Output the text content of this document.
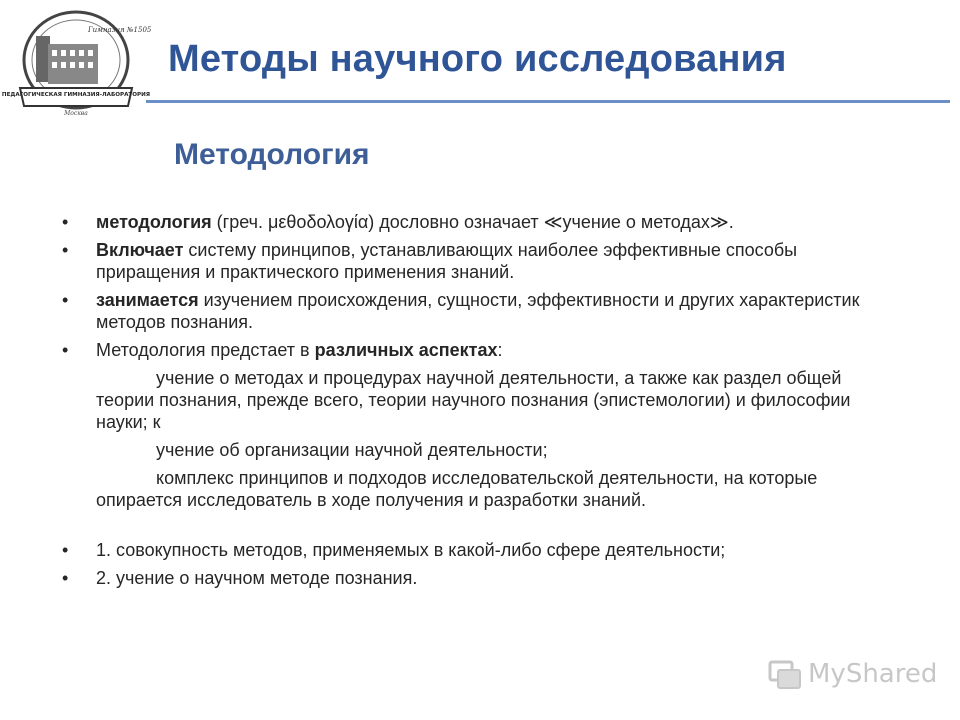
Гимназия №1505
ПЕДАГОГИЧЕСКАЯ ГИМНАЗИЯ-ЛАБОРАТОРИЯ
Москва
Методы научного исследования
Методология
• методология (греч. μεθοδολογία) дословно означает ≪учение о методах≫.
• Включает систему принципов, устанавливающих наиболее эффективные способы приращения и практического применения знаний.
• занимается изучением происхождения, сущности, эффективности и других характеристик методов познания.
• Методология предстает в различных аспектах:
учение о методах и процедурах научной деятельности, а также как раздел общей теории познания, прежде всего, теории научного познания (эпистемологии) и философии науки; к
учение об организации научной деятельности;
комплекс принципов и подходов исследовательской деятельности, на которые опирается исследователь в ходе получения и разработки знаний.
• 1. совокупность методов, применяемых в какой-либо сфере деятельности;
• 2. учение о научном методе познания.
MyShared
